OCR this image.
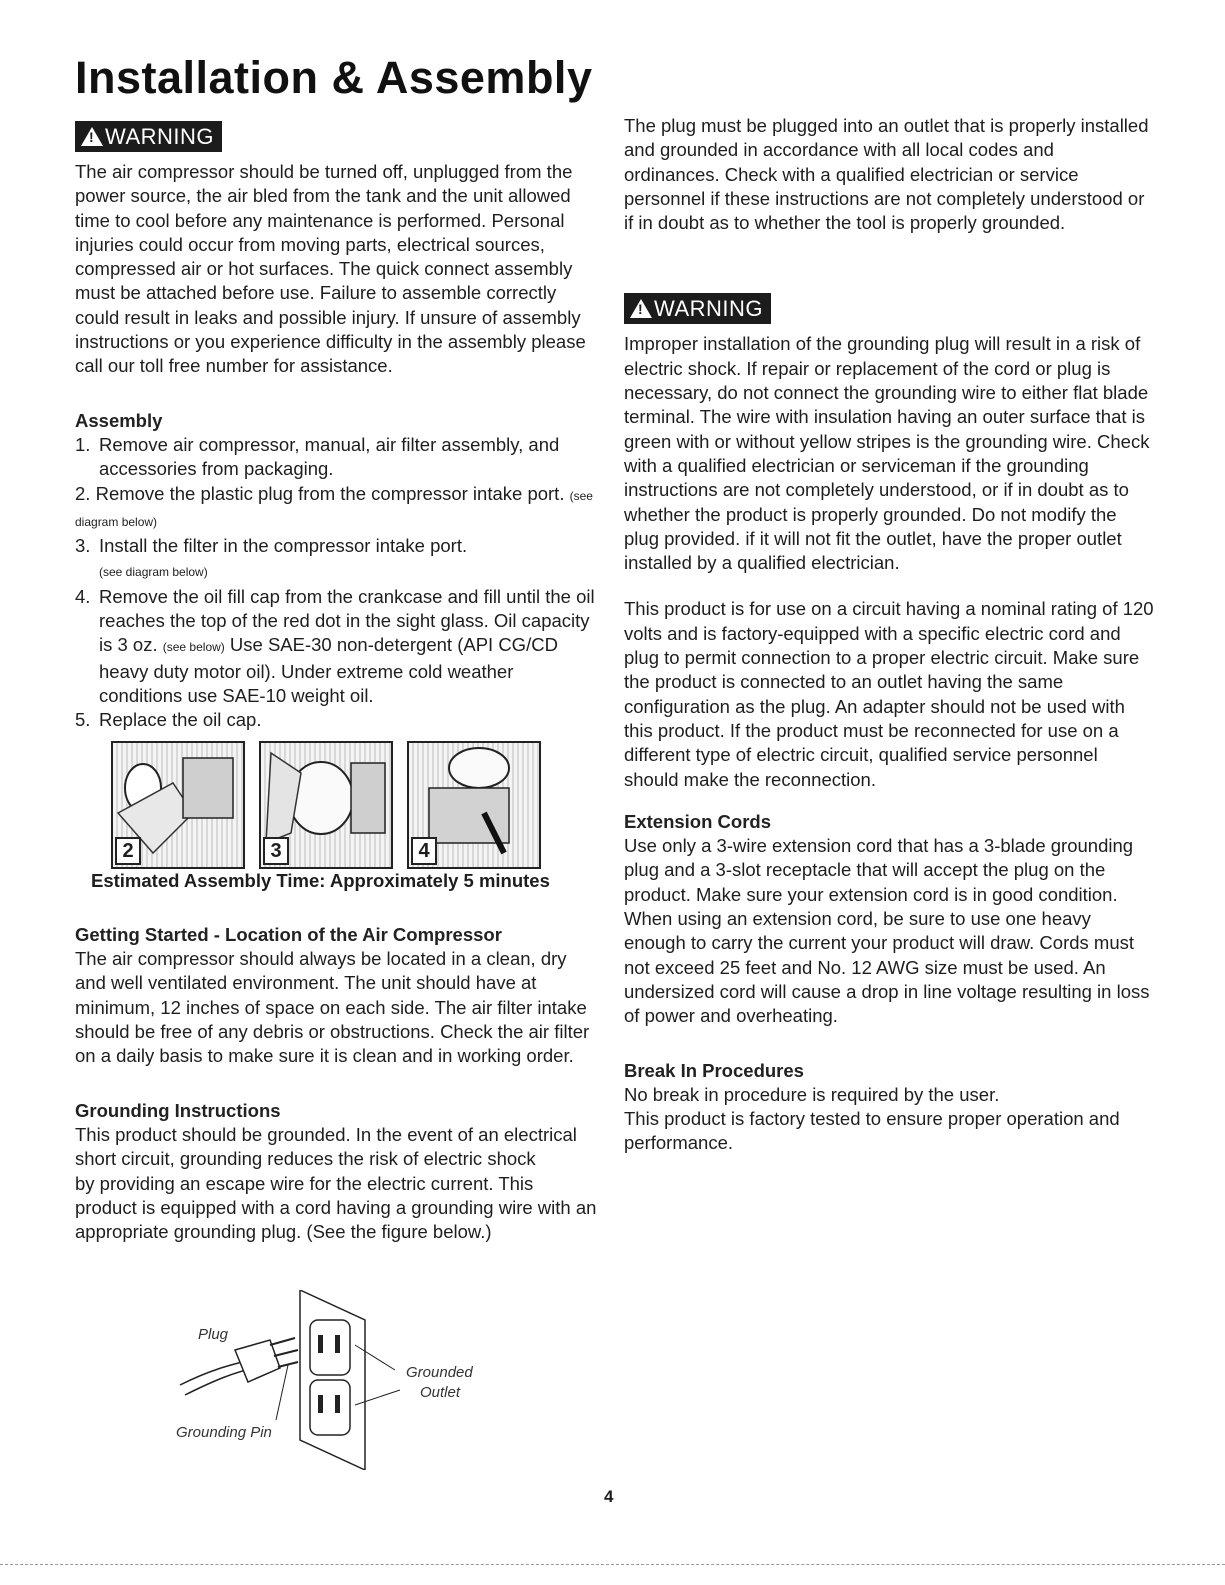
Installation & Assembly
!WARNING

The air compressor should be turned off, unplugged from the power source, the air bled from the tank and the unit allowed time to cool before any maintenance is performed. Personal injuries could occur from moving parts, electrical sources, compressed air or hot surfaces. The quick connect assembly must be attached before use. Failure to assemble correctly could result in leaks and possible injury. If unsure of assembly instructions or you experience difficulty in the assembly please call our toll free number for assistance.

Assembly

1. Remove air compressor, manual, air filter assembly, and accessories from packaging.
2. Remove the plastic plug from the compressor intake port. (see diagram below)
3. Install the filter in the compressor intake port.
(see diagram below)
4. Remove the oil fill cap from the crankcase and fill until the oil reaches the top of the red dot in the sight glass. Oil capacity is 3 oz. (see below) Use SAE-30 non-detergent (API CG/CD heavy duty motor oil). Under extreme cold weather conditions use SAE-10 weight oil.
5. Replace the oil cap.
2	3	4

Estimated Assembly Time: Approximately 5 minutes

Getting Started - Location of the Air Compressor

The air compressor should always be located in a clean, dry and well ventilated environment. The unit should have at minimum, 12 inches of space on each side. The air filter intake should be free of any debris or obstructions. Check the air filter on a daily basis to make sure it is clean and in working order.

Grounding Instructions

This product should be grounded. In the event of an electrical short circuit, grounding reduces the risk of electric shock

by providing an escape wire for the electric current. This product is equipped with a cord having a grounding wire with an appropriate grounding plug. (See the figure below.)

Plug
Grounding Pin
Grounded
Outlet

The plug must be plugged into an outlet that is properly installed and grounded in accordance with all local codes and ordinances. Check with a qualified electrician or service personnel if these instructions are not completely understood or if in doubt as to whether the tool is properly grounded.

!WARNING

Improper installation of the grounding plug will result in a risk of electric shock. If repair or replacement of the cord or plug is necessary, do not connect the grounding wire to either flat blade terminal. The wire with insulation having an outer surface that is green with or without yellow stripes is the grounding wire. Check with a qualified electrician or serviceman if the grounding instructions are not completely understood, or if in doubt as to whether the product is properly grounded. Do not modify the plug provided. if it will not fit the outlet, have the proper outlet installed by a qualified electrician.

This product is for use on a circuit having a nominal rating of 120 volts and is factory-equipped with a specific electric cord and plug to permit connection to a proper electric circuit. Make sure the product is connected to an outlet having the same configuration as the plug. An adapter should not be used with this product. If the product must be reconnected for use on a different type of electric circuit, qualified service personnel should make the reconnection.

Extension Cords

Use only a 3-wire extension cord that has a 3-blade grounding plug and a 3-slot receptacle that will accept the plug on the product. Make sure your extension cord is in good condition. When using an extension cord, be sure to use one heavy enough to carry the current your product will draw. Cords must not exceed 25 feet and No. 12 AWG size must be used. An undersized cord will cause a drop in line voltage resulting in loss of power and overheating.

Break In Procedures

No break in procedure is required by the user.

This product is factory tested to ensure proper operation and performance.

4
